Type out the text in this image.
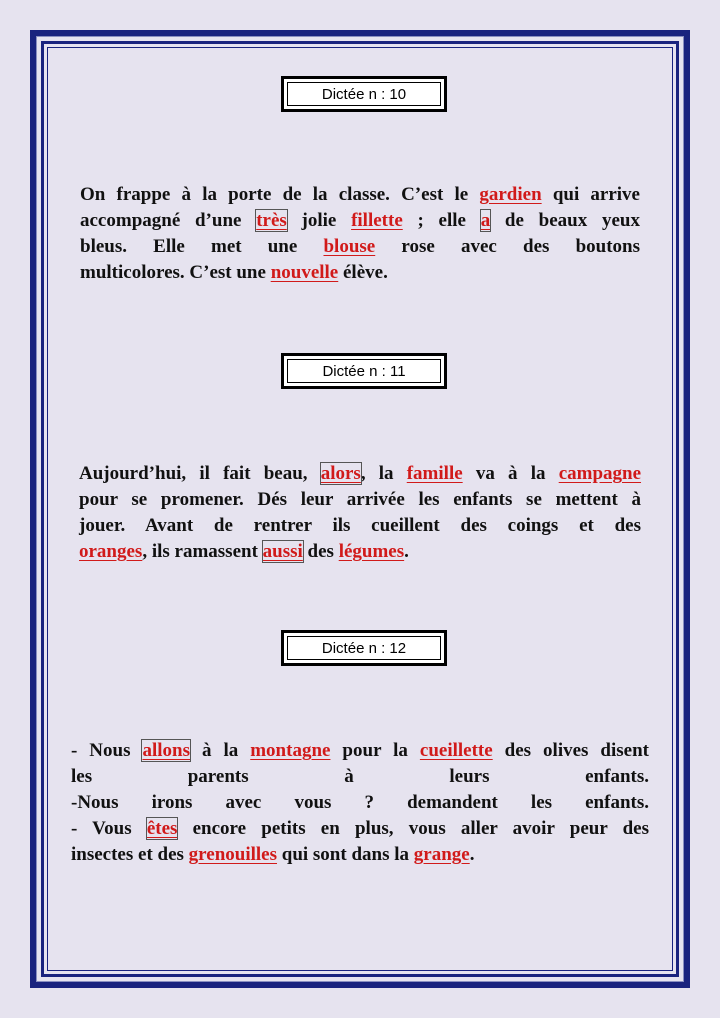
Dictée n : 10
On frappe à la porte de la classe. C’est le gardien qui arrive
accompagné d’une très jolie fillette ; elle a de beaux yeux
bleus. Elle met une blouse rose avec des boutons
multicolores. C’est une nouvelle élève.
Dictée n : 11
Aujourd’hui, il fait beau, alors, la famille va à la campagne
pour se promener. Dés leur arrivée les enfants se mettent à
jouer. Avant de rentrer ils cueillent des coings et des
oranges, ils ramassent aussi des légumes.
Dictée n : 12
- Nous allons à la montagne pour la cueillette des olives disent
les parents à leurs enfants.
-Nous irons avec vous ? demandent les enfants.
- Vous êtes encore petits en plus, vous aller avoir peur des
insectes et des grenouilles qui sont dans la grange.
